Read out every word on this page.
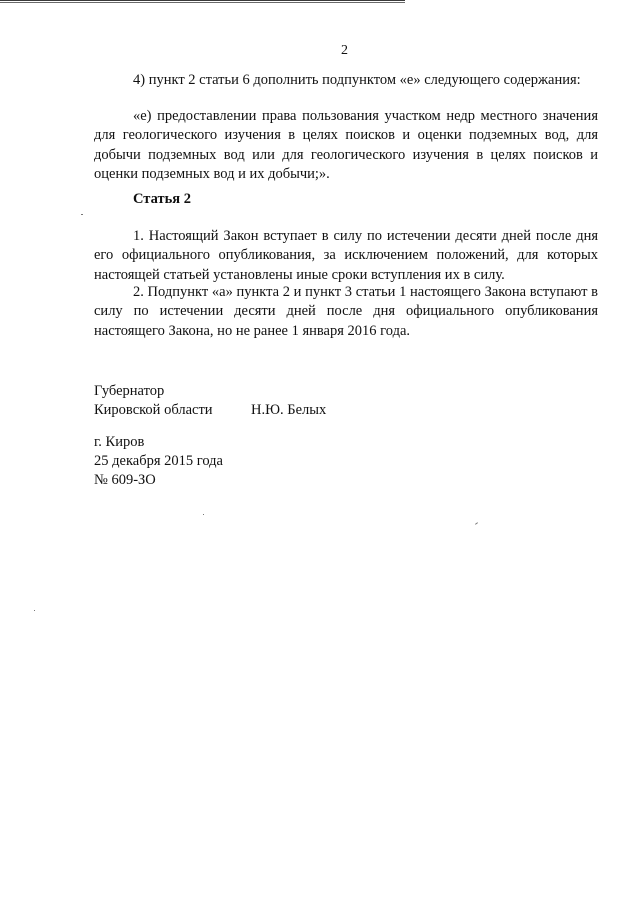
2

4) пункт 2 статьи 6 дополнить подпунктом «е» следующего содержания:

«е) предоставлении права пользования участком недр местного значения для геологического изучения в целях поисков и оценки подземных вод, для добычи подземных вод или для геологического изучения в целях поисков и оценки подземных вод и их добычи;».

Статья 2

1. Настоящий Закон вступает в силу по истечении десяти дней после дня его официального опубликования, за исключением положений, для которых настоящей статьей установлены иные сроки вступления их в силу.

2. Подпункт «а» пункта 2 и пункт 3 статьи 1 настоящего Закона вступают в силу по истечении десяти дней после дня официального опубликования настоящего Закона, но не ранее 1 января 2016 года.

Губернатор
Кировской области	Н.Ю. Белых
г. Киров
25 декабря 2015 года
№ 609-ЗО
